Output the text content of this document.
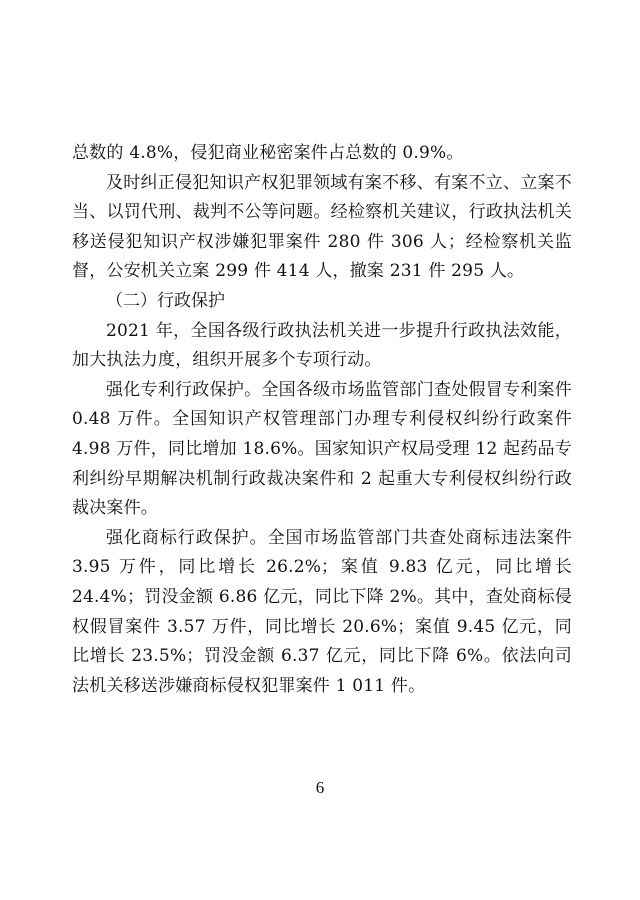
总数的 4.8%，侵犯商业秘密案件占总数的 0.9%。

及时纠正侵犯知识产权犯罪领域有案不移、有案不立、立案不当、以罚代刑、裁判不公等问题。经检察机关建议，行政执法机关移送侵犯知识产权涉嫌犯罪案件 280 件 306 人；经检察机关监督，公安机关立案 299 件 414 人，撤案 231 件 295 人。

（二）行政保护

2021 年，全国各级行政执法机关进一步提升行政执法效能，加大执法力度，组织开展多个专项行动。

强化专利行政保护。全国各级市场监管部门查处假冒专利案件 0.48 万件。全国知识产权管理部门办理专利侵权纠纷行政案件 4.98 万件，同比增加 18.6%。国家知识产权局受理 12 起药品专利纠纷早期解决机制行政裁决案件和 2 起重大专利侵权纠纷行政裁决案件。

强化商标行政保护。全国市场监管部门共查处商标违法案件 3.95 万件，同比增长 26.2%；案值 9.83 亿元，同比增长 24.4%；罚没金额 6.86 亿元，同比下降 2%。其中，查处商标侵权假冒案件 3.57 万件，同比增长 20.6%；案值 9.45 亿元，同比增长 23.5%；罚没金额 6.37 亿元，同比下降 6%。依法向司法机关移送涉嫌商标侵权犯罪案件 1 011 件。

6
